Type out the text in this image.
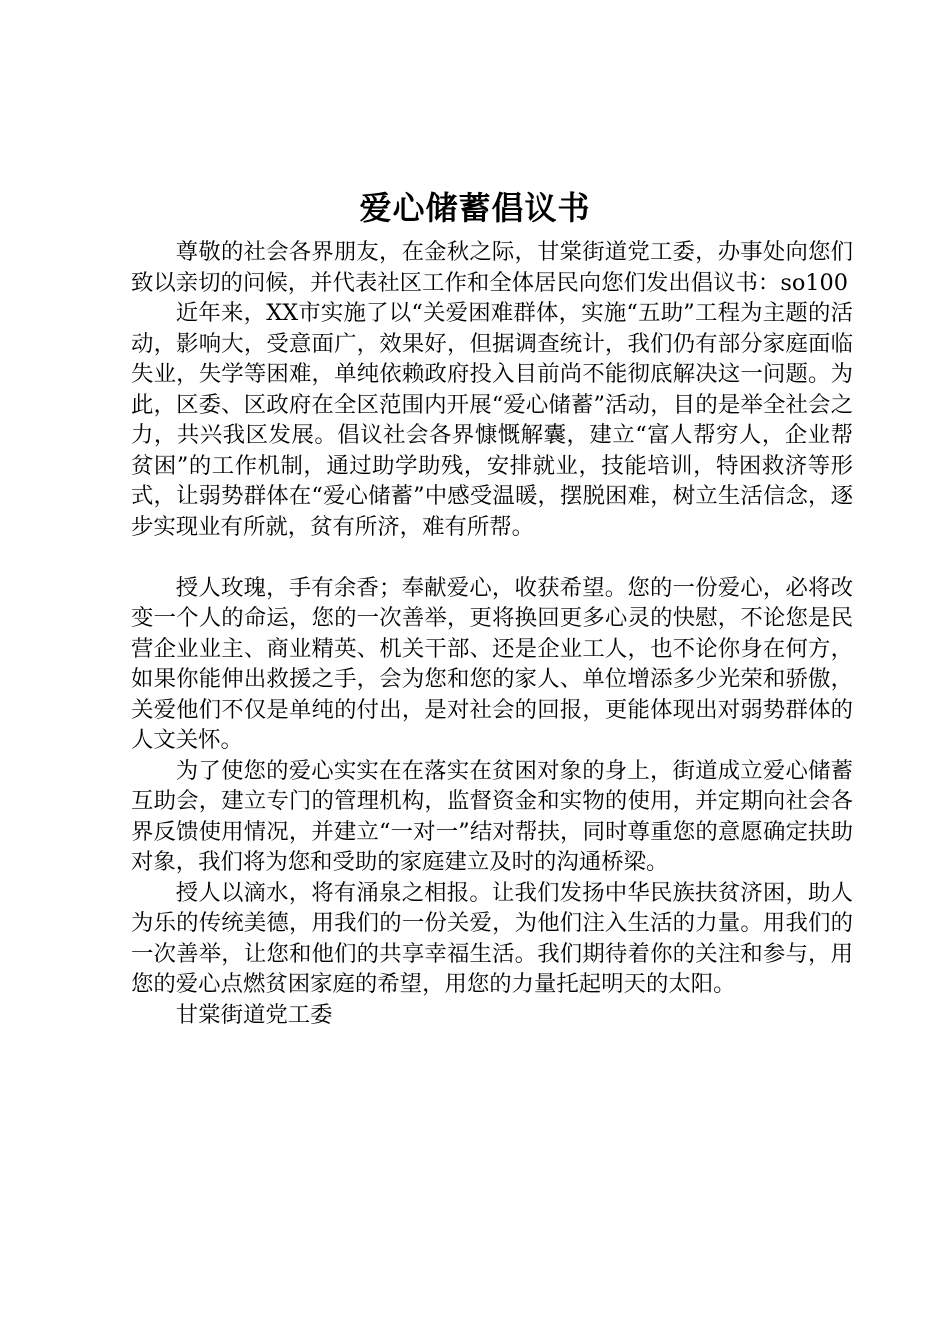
爱心储蓄倡议书

尊敬的社会各界朋友，在金秋之际，甘棠街道党工委，办事处向您们致以亲切的问候，并代表社区工作和全体居民向您们发出倡议书：so100

近年来，XX市实施了以“关爱困难群体，实施“五助”工程为主题的活动，影响大，受意面广，效果好，但据调查统计，我们仍有部分家庭面临失业，失学等困难，单纯依赖政府投入目前尚不能彻底解决这一问题。为此，区委、区政府在全区范围内开展“爱心储蓄”活动，目的是举全社会之力，共兴我区发展。倡议社会各界慷慨解囊，建立“富人帮穷人，企业帮贫困”的工作机制，通过助学助残，安排就业，技能培训，特困救济等形式，让弱势群体在“爱心储蓄”中感受温暖，摆脱困难，树立生活信念，逐步实现业有所就，贫有所济，难有所帮。

授人玫瑰，手有余香；奉献爱心，收获希望。您的一份爱心，必将改变一个人的命运，您的一次善举，更将换回更多心灵的快慰，不论您是民营企业业主、商业精英、机关干部、还是企业工人，也不论你身在何方，如果你能伸出救援之手，会为您和您的家人、单位增添多少光荣和骄傲，关爱他们不仅是单纯的付出，是对社会的回报，更能体现出对弱势群体的人文关怀。

为了使您的爱心实实在在落实在贫困对象的身上，街道成立爱心储蓄互助会，建立专门的管理机构，监督资金和实物的使用，并定期向社会各界反馈使用情况，并建立“一对一”结对帮扶，同时尊重您的意愿确定扶助对象，我们将为您和受助的家庭建立及时的沟通桥梁。

授人以滴水，将有涌泉之相报。让我们发扬中华民族扶贫济困，助人为乐的传统美德，用我们的一份关爱，为他们注入生活的力量。用我们的一次善举，让您和他们的共享幸福生活。我们期待着你的关注和参与，用您的爱心点燃贫困家庭的希望，用您的力量托起明天的太阳。

甘棠街道党工委
